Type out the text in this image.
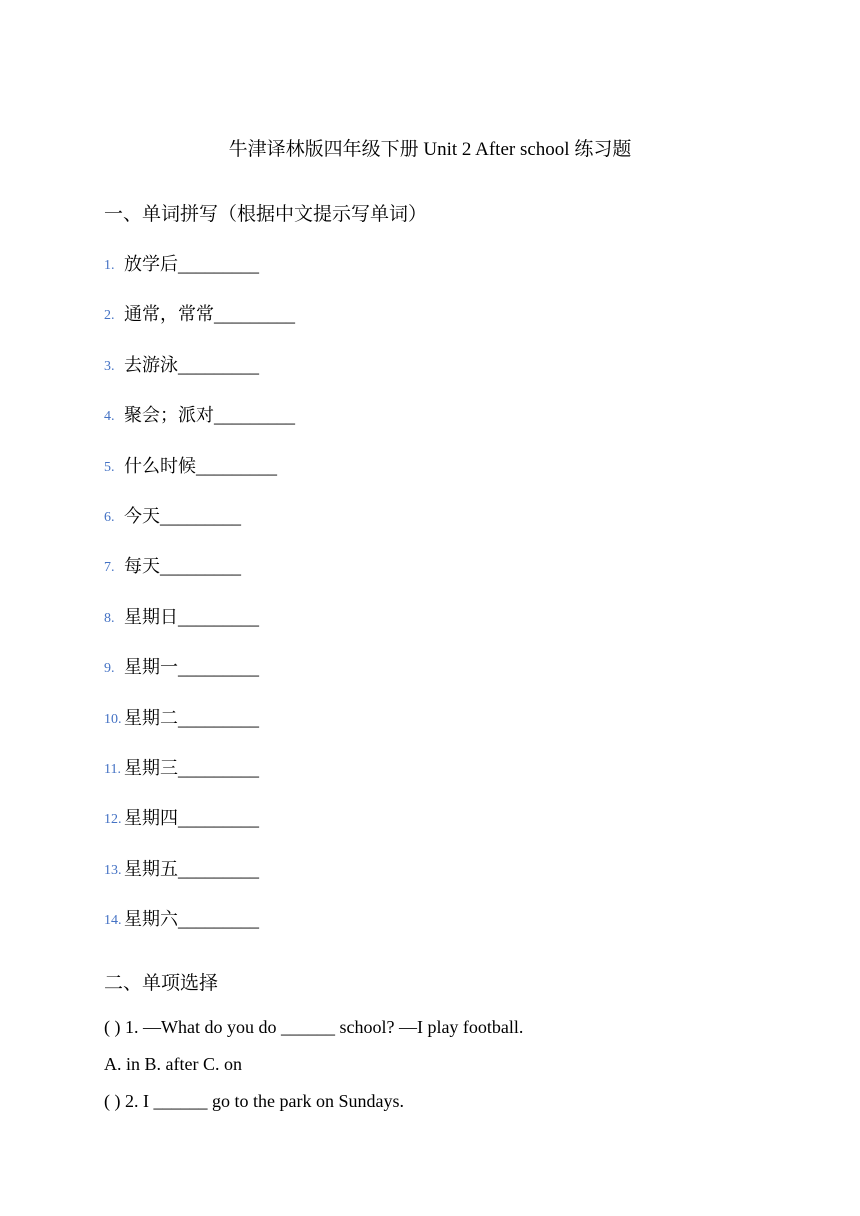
牛津译林版四年级下册 Unit 2 After school 练习题
一、单词拼写（根据中文提示写单词）
1. 放学后 _________
2. 通常，常常 _________
3. 去游泳 _________
4. 聚会；派对 _________
5. 什么时候 _________
6. 今天 _________
7. 每天 _________
8. 星期日 _________
9. 星期一 _________
10. 星期二 _________
11. 星期三 _________
12. 星期四 _________
13. 星期五 _________
14. 星期六 _________
二、单项选择
( ) 1. —What do you do ______ school? —I play football.
A. in B. after C. on
( ) 2. I ______ go to the park on Sundays.
